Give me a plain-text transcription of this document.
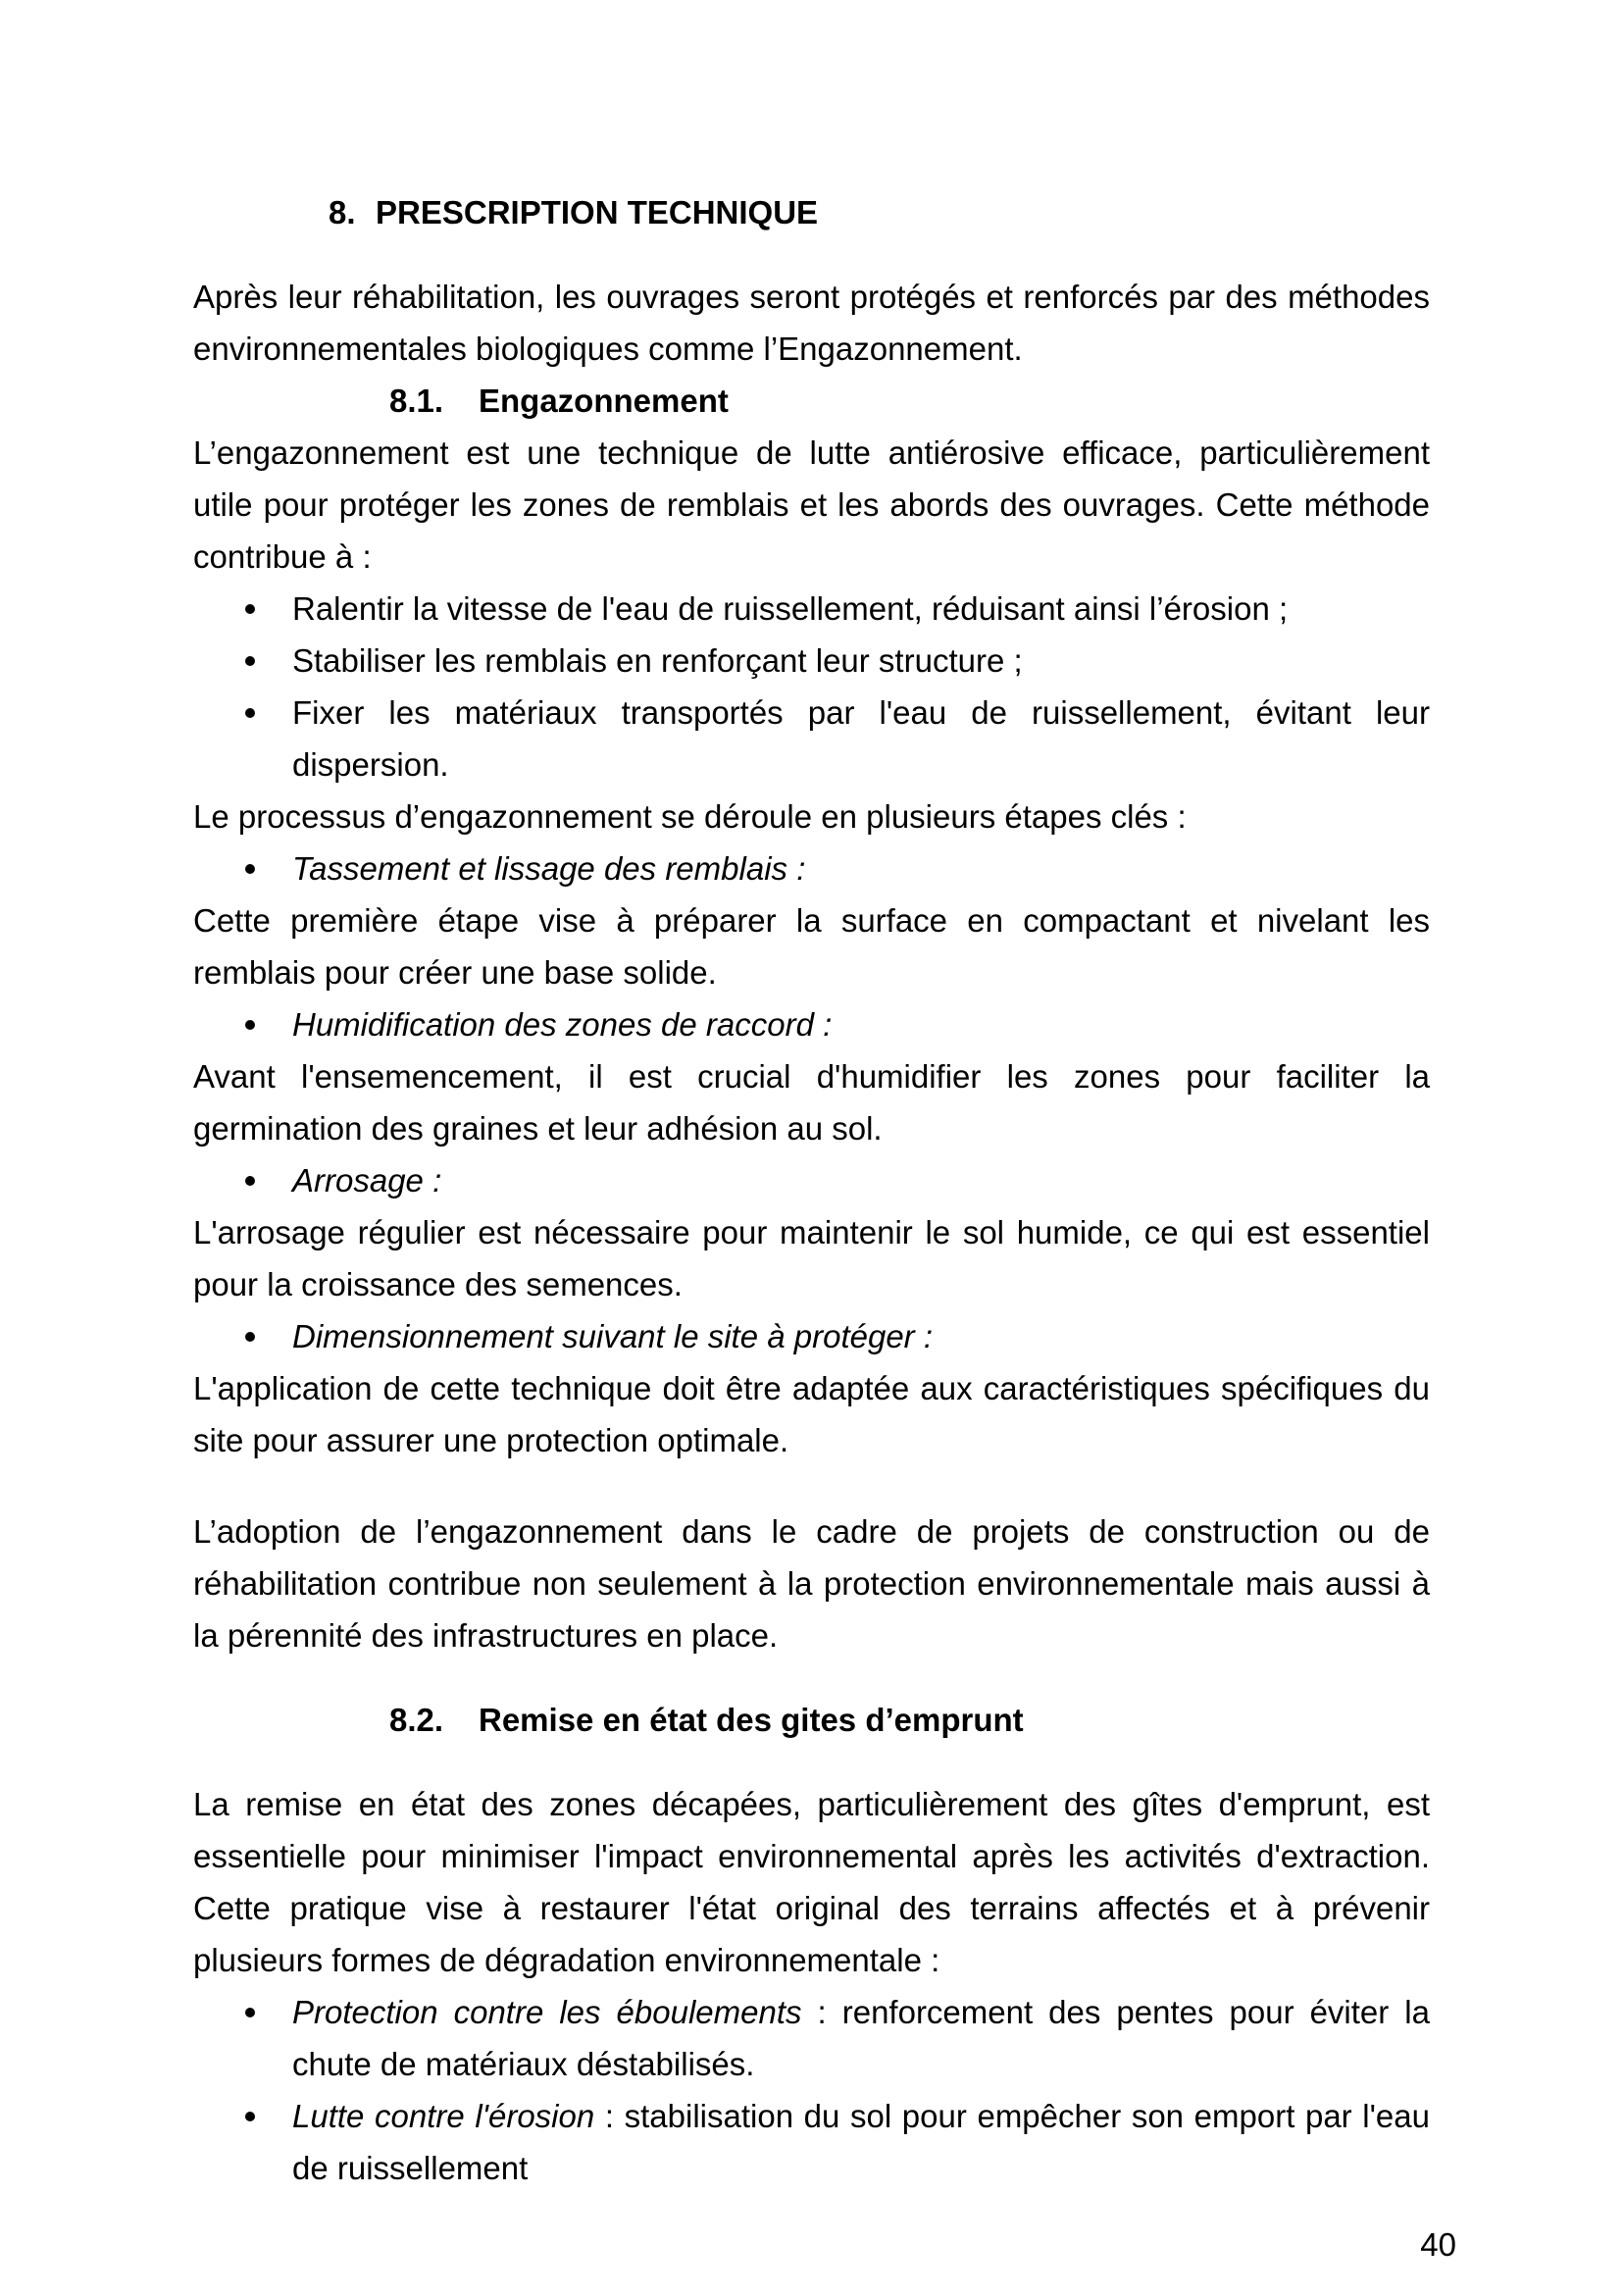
8. PRESCRIPTION TECHNIQUE

Après leur réhabilitation, les ouvrages seront protégés et renforcés par des méthodes environnementales biologiques comme l’Engazonnement.

8.1.	Engazonnement

L’engazonnement est une technique de lutte antiérosive efficace, particulièrement utile pour protéger les zones de remblais et les abords des ouvrages. Cette méthode contribue à :

Ralentir la vitesse de l'eau de ruissellement, réduisant ainsi l’érosion ;
Stabiliser les remblais en renforçant leur structure ;
Fixer les matériaux transportés par l'eau de ruissellement, évitant leur dispersion.

Le processus d’engazonnement se déroule en plusieurs étapes clés :

Tassement et lissage des remblais :

Cette première étape vise à préparer la surface en compactant et nivelant les remblais pour créer une base solide.

Humidification des zones de raccord :

Avant l'ensemencement, il est crucial d'humidifier les zones pour faciliter la germination des graines et leur adhésion au sol.

Arrosage :

L'arrosage régulier est nécessaire pour maintenir le sol humide, ce qui est essentiel pour la croissance des semences.

Dimensionnement suivant le site à protéger :

L'application de cette technique doit être adaptée aux caractéristiques spécifiques du site pour assurer une protection optimale.

L’adoption de l’engazonnement dans le cadre de projets de construction ou de réhabilitation contribue non seulement à la protection environnementale mais aussi à la pérennité des infrastructures en place.

8.2.	Remise en état des gites d’emprunt

La remise en état des zones décapées, particulièrement des gîtes d'emprunt, est essentielle pour minimiser l'impact environnemental après les activités d'extraction. Cette pratique vise à restaurer l'état original des terrains affectés et à prévenir plusieurs formes de dégradation environnementale :

Protection contre les éboulements : renforcement des pentes pour éviter la chute de matériaux déstabilisés.
Lutte contre l'érosion : stabilisation du sol pour empêcher son emport par l'eau de ruissellement
40
